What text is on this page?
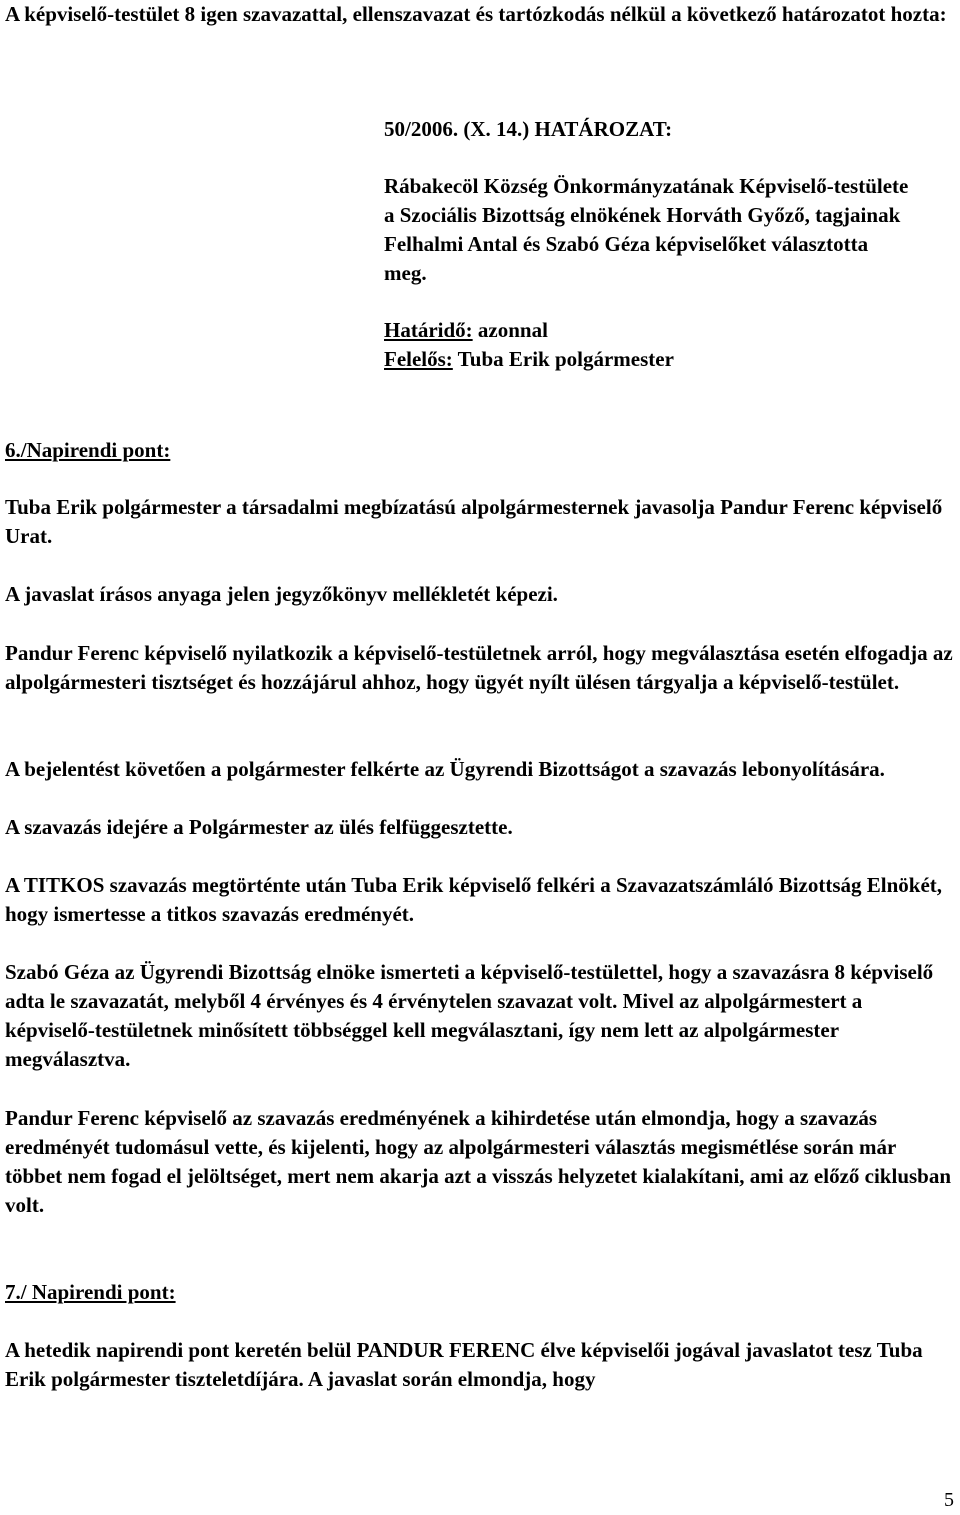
A képviselő-testület 8 igen szavazattal, ellenszavazat és tartózkodás nélkül a következő határozatot hozta:

50/2006. (X. 14.) HATÁROZAT:

Rábakecöl Község Önkormányzatának Képviselő-testülete a Szociális Bizottság elnökének Horváth Győző, tagjainak Felhalmi Antal és Szabó Géza képviselőket választotta meg.

Határidő: azonnal

Felelős: Tuba Erik polgármester

6./Napirendi pont:

Tuba Erik polgármester a társadalmi megbízatású alpolgármesternek javasolja Pandur Ferenc képviselő Urat.

A javaslat írásos anyaga jelen jegyzőkönyv mellékletét képezi.

Pandur Ferenc képviselő nyilatkozik a képviselő-testületnek arról, hogy megválasztása esetén elfogadja az alpolgármesteri tisztséget és hozzájárul ahhoz, hogy ügyét nyílt ülésen tárgyalja a képviselő-testület.

A bejelentést követően a polgármester felkérte az Ügyrendi Bizottságot a szavazás lebonyolítására.

A szavazás idejére a Polgármester az ülés felfüggesztette.

A TITKOS szavazás megtörténte után Tuba Erik képviselő felkéri a Szavazatszámláló Bizottság Elnökét, hogy ismertesse a titkos szavazás eredményét.

Szabó Géza az Ügyrendi Bizottság elnöke ismerteti a képviselő-testülettel, hogy a szavazásra 8 képviselő adta le szavazatát, melyből 4 érvényes és 4 érvénytelen szavazat volt. Mivel az alpolgármestert a képviselő-testületnek minősített többséggel kell megválasztani, így nem lett az alpolgármester megválasztva.

Pandur Ferenc képviselő az szavazás eredményének a kihirdetése után elmondja, hogy a szavazás eredményét tudomásul vette, és kijelenti, hogy az alpolgármesteri választás megismétlése során már többet nem fogad el jelöltséget, mert nem akarja azt a visszás helyzetet kialakítani, ami az előző ciklusban volt.

7./ Napirendi pont:

A hetedik napirendi pont keretén belül PANDUR FERENC élve képviselői jogával javaslatot tesz Tuba Erik polgármester tiszteletdíjára. A javaslat során elmondja, hogy

5
